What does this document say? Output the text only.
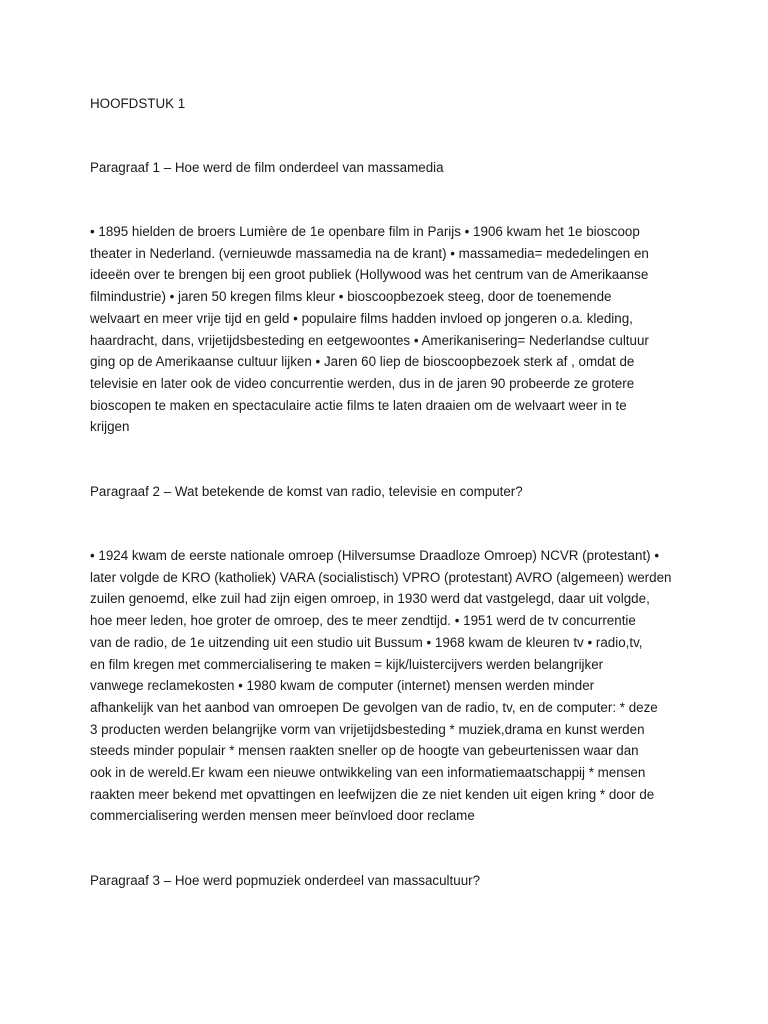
HOOFDSTUK 1
Paragraaf 1 – Hoe werd de film onderdeel van massamedia
• 1895 hielden de broers Lumière de 1e openbare film in Parijs • 1906 kwam het 1e bioscoop
theater in Nederland. (vernieuwde massamedia na de krant) • massamedia= mededelingen en
ideeën over te brengen bij een groot publiek (Hollywood was het centrum van de Amerikaanse
filmindustrie) • jaren 50 kregen films kleur • bioscoopbezoek steeg, door de toenemende
welvaart en meer vrije tijd en geld • populaire films hadden invloed op jongeren o.a. kleding,
haardracht, dans, vrijetijdsbesteding en eetgewoontes • Amerikanisering= Nederlandse cultuur
ging op de Amerikaanse cultuur lijken • Jaren 60 liep de bioscoopbezoek sterk af , omdat de
televisie en later ook de video concurrentie werden, dus in de jaren 90 probeerde ze grotere
bioscopen te maken en spectaculaire actie films te laten draaien om de welvaart weer in te
krijgen
Paragraaf 2 – Wat betekende de komst van radio, televisie en computer?
• 1924 kwam de eerste nationale omroep (Hilversumse Draadloze Omroep) NCVR (protestant) •
later volgde de KRO (katholiek) VARA (socialistisch) VPRO (protestant) AVRO (algemeen) werden
zuilen genoemd, elke zuil had zijn eigen omroep, in 1930 werd dat vastgelegd, daar uit volgde,
hoe meer leden, hoe groter de omroep, des te meer zendtijd. • 1951 werd de tv concurrentie
van de radio, de 1e uitzending uit een studio uit Bussum • 1968 kwam de kleuren tv • radio,tv,
en film kregen met commercialisering te maken = kijk/luistercijvers werden belangrijker
vanwege reclamekosten • 1980 kwam de computer (internet) mensen werden minder
afhankelijk van het aanbod van omroepen De gevolgen van de radio, tv, en de computer: * deze
3 producten werden belangrijke vorm van vrijetijdsbesteding * muziek,drama en kunst werden
steeds minder populair * mensen raakten sneller op de hoogte van gebeurtenissen waar dan
ook in de wereld.Er kwam een nieuwe ontwikkeling van een informatiemaatschappij * mensen
raakten meer bekend met opvattingen en leefwijzen die ze niet kenden uit eigen kring * door de
commercialisering werden mensen meer beïnvloed door reclame
Paragraaf 3 – Hoe werd popmuziek onderdeel van massacultuur?
